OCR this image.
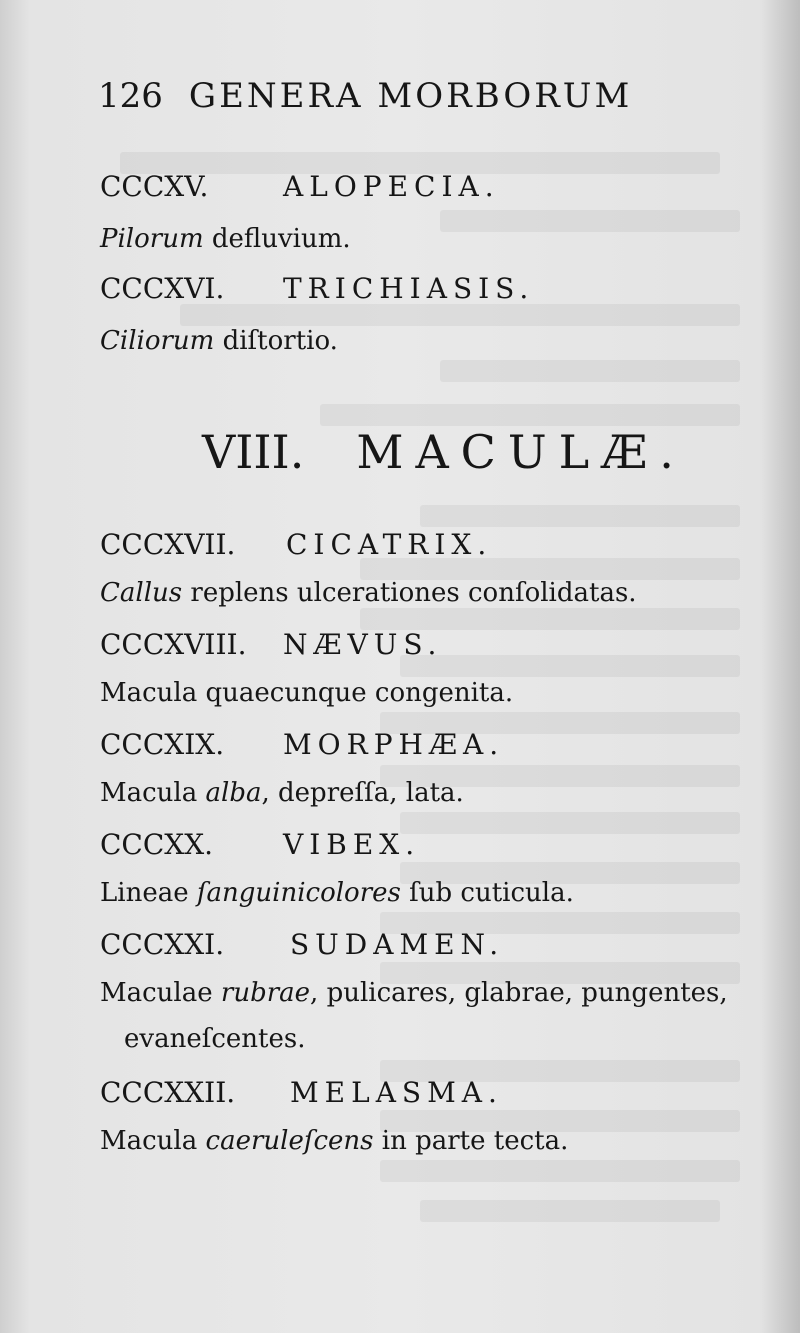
126 GENERA MORBORUM
CCCXV.	ALOPECIA.
Pilorum defluvium.
CCCXVI. TRICHIASIS.
Ciliorum diſtortio.
VIII. MACULÆ.
CCCXVII. CICATRIX.
Callus replens ulcerationes conſolidatas.
CCCXVIII. NÆVUS.
Macula quaecunque congenita.
CCCXIX. MORPHÆA.
Macula alba, depreſſa, lata.
CCCXX. VIBEX.
Lineae ſanguinicolores ſub cuticula.
CCCXXI. SUDAMEN.
Maculae rubrae, pulicares, glabrae, pungentes,
evaneſcentes.
CCCXXII. MELASMA.
Macula caeruleſcens in parte tecta.
